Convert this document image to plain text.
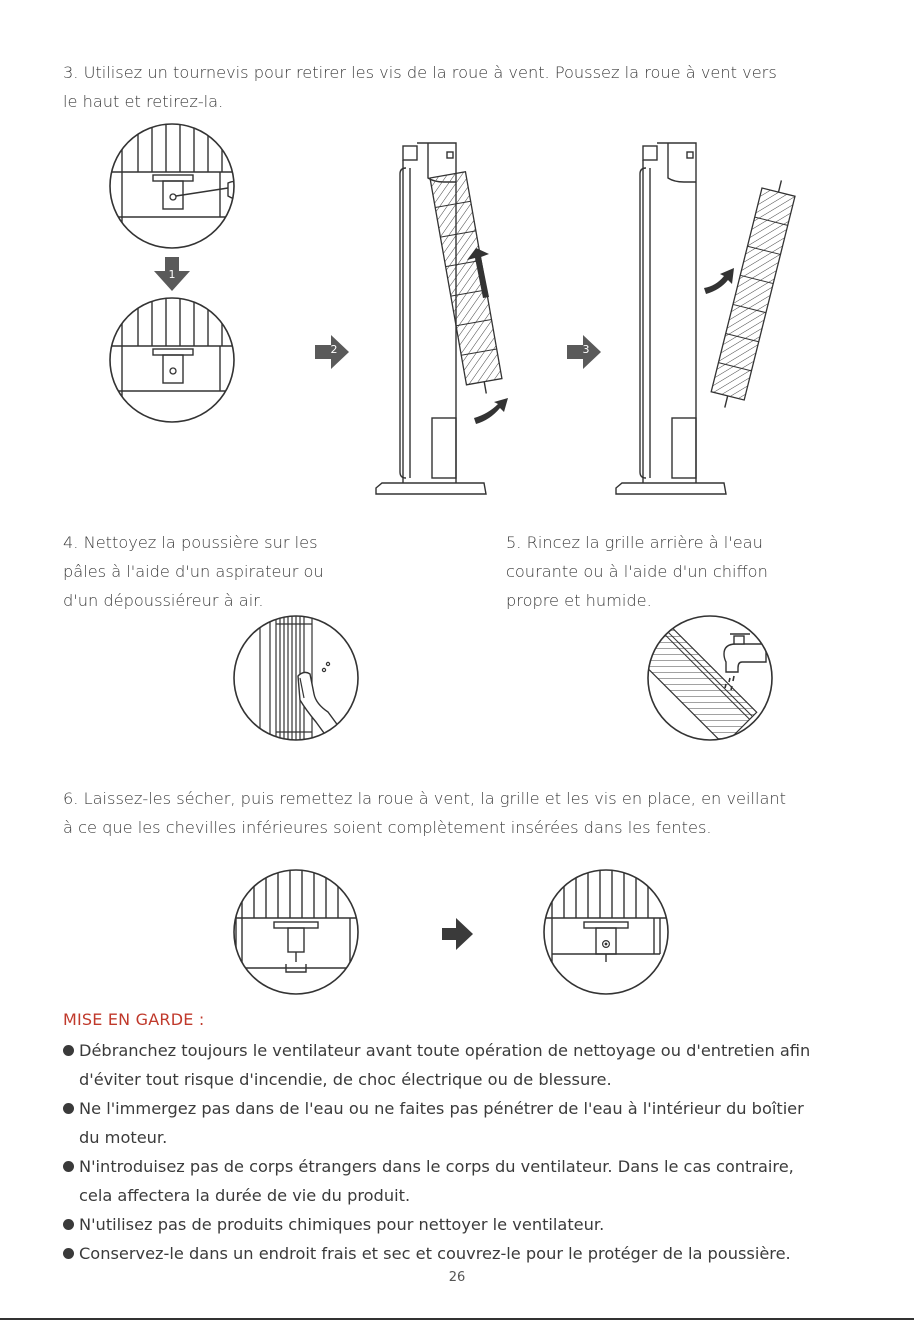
3. Utilisez un tournevis pour retirer les vis de la roue à vent. Poussez la roue à vent vers
le haut et retirez-la.

1
2	3

4. Nettoyez la poussière sur les
pâles à l'aide d'un aspirateur ou
d'un dépoussiéreur à air.

5. Rincez la grille arrière à l'eau
courante ou à l'aide d'un chiffon
propre et humide.

6. Laissez-les sécher, puis remettez la roue à vent, la grille et les vis en place, en veillant
à ce que les chevilles inférieures soient complètement insérées dans les fentes.

MISE EN GARDE :
Débranchez toujours le ventilateur avant toute opération de nettoyage ou d'entretien afin
d'éviter tout risque d'incendie, de choc électrique ou de blessure.
Ne l'immergez pas dans de l'eau ou ne faites pas pénétrer de l'eau à l'intérieur du boîtier
du moteur.
N'introduisez pas de corps étrangers dans le corps du ventilateur. Dans le cas contraire,
cela affectera la durée de vie du produit.
N'utilisez pas de produits chimiques pour nettoyer le ventilateur.
Conservez-le dans un endroit frais et sec et couvrez-le pour le protéger de la poussière.
26
